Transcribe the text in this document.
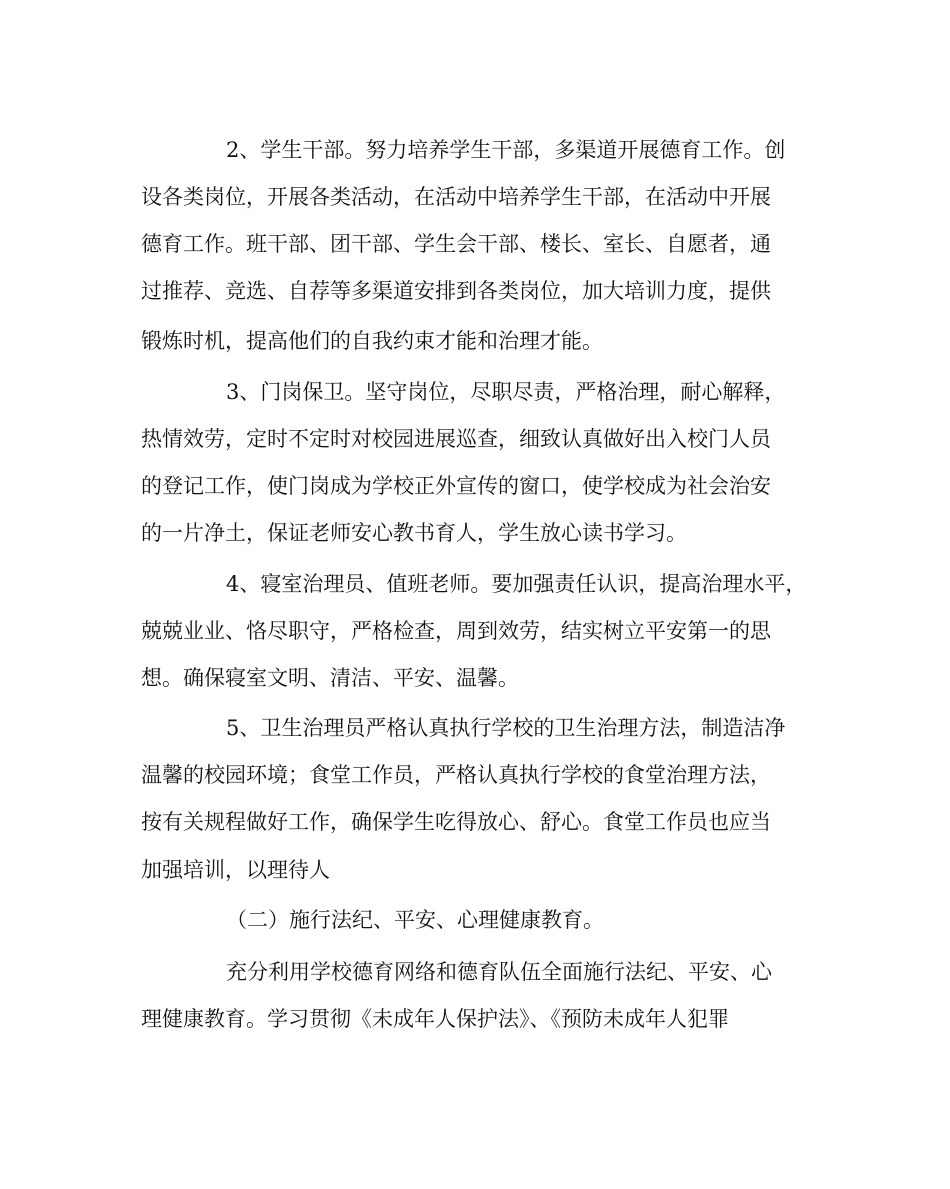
2、学生干部。努力培养学生干部，多渠道开展德育工作。创
设各类岗位，开展各类活动，在活动中培养学生干部，在活动中开展
德育工作。班干部、团干部、学生会干部、楼长、室长、自愿者，通
过推荐、竞选、自荐等多渠道安排到各类岗位，加大培训力度，提供
锻炼时机，提高他们的自我约束才能和治理才能。
3、门岗保卫。坚守岗位，尽职尽责，严格治理，耐心解释，
热情效劳，定时不定时对校园进展巡查，细致认真做好出入校门人员
的登记工作，使门岗成为学校正外宣传的窗口，使学校成为社会治安
的一片净土，保证老师安心教书育人，学生放心读书学习。
4、寝室治理员、值班老师。要加强责任认识，提高治理水平，
兢兢业业、恪尽职守，严格检查，周到效劳，结实树立平安第一的思
想。确保寝室文明、清洁、平安、温馨。
5、卫生治理员严格认真执行学校的卫生治理方法，制造洁净
温馨的校园环境；食堂工作员，严格认真执行学校的食堂治理方法，
按有关规程做好工作，确保学生吃得放心、舒心。食堂工作员也应当
加强培训，以理待人
（二）施行法纪、平安、心理健康教育。
充分利用学校德育网络和德育队伍全面施行法纪、平安、心
理健康教育。学习贯彻《未成年人保护法》、《预防未成年人犯罪
